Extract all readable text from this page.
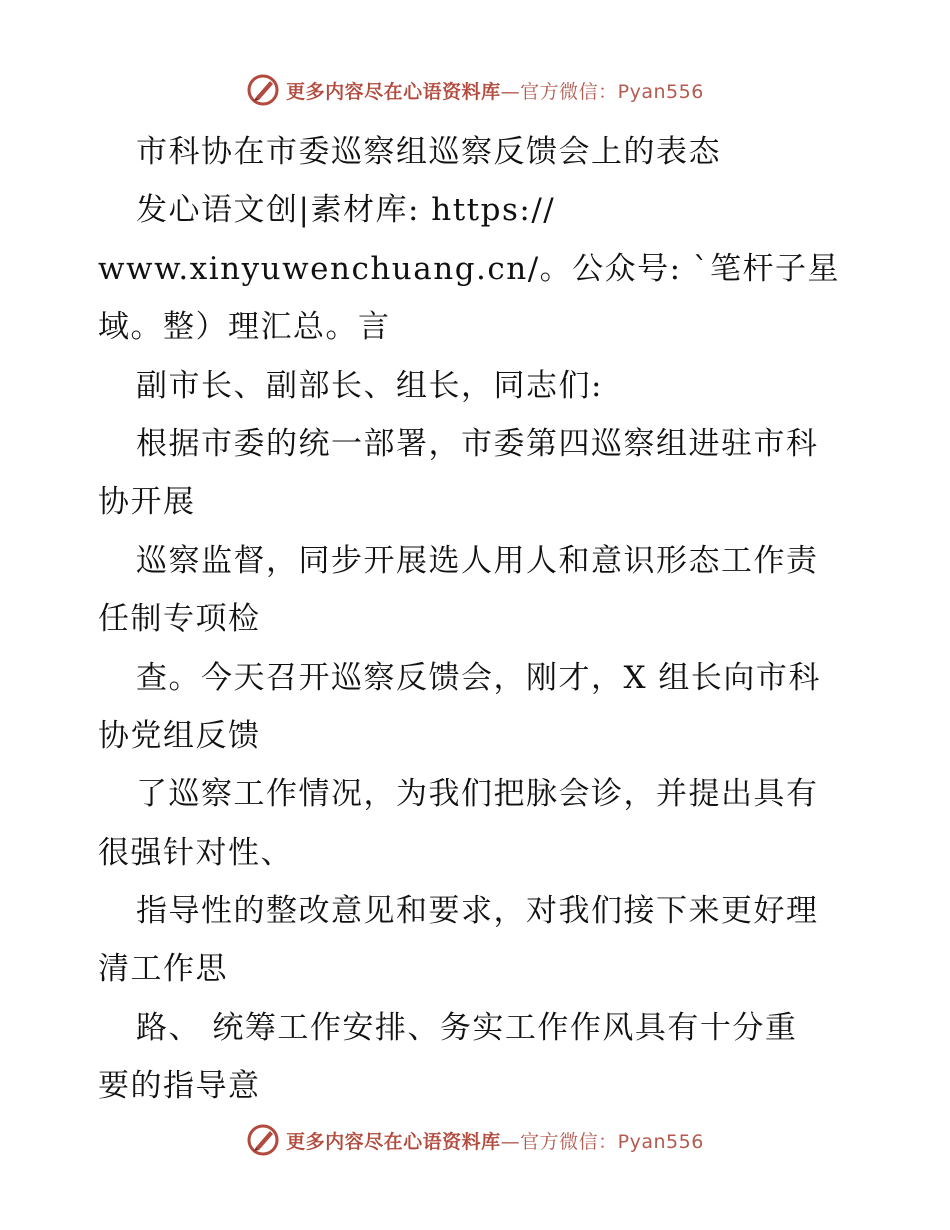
更多内容尽在心语资料库—官方微信：Pyan556
市科协在市委巡察组巡察反馈会上的表态
发心语文创|素材库: https://
www.xinyuwenchuang.cn/。公众号: `笔杆子星
域。整）理汇总。言
副市长、副部长、组长，同志们:
根据市委的统一部署，市委第四巡察组进驻市科
协开展
巡察监督，同步开展选人用人和意识形态工作责
任制专项检
查。今天召开巡察反馈会，刚才，X 组长向市科
协党组反馈
了巡察工作情况，为我们把脉会诊，并提出具有
很强针对性、
指导性的整改意见和要求，对我们接下来更好理
清工作思
路、 统筹工作安排、务实工作作风具有十分重
要的指导意
更多内容尽在心语资料库—官方微信：Pyan556
